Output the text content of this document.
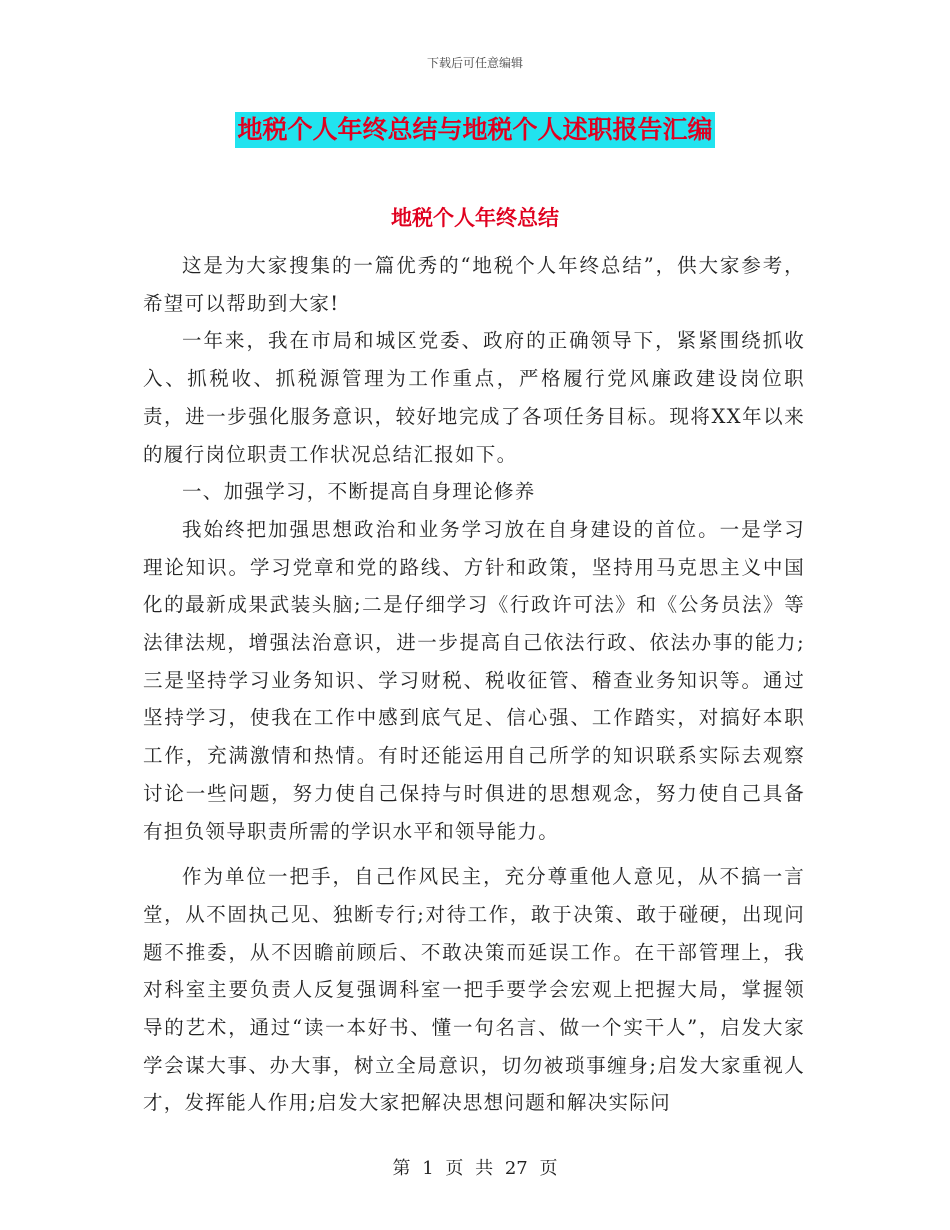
下载后可任意编辑
地税个人年终总结与地税个人述职报告汇编
地税个人年终总结

这是为大家搜集的一篇优秀的“地税个人年终总结”，供大家参考，希望可以帮助到大家!

一年来，我在市局和城区党委、政府的正确领导下，紧紧围绕抓收入、抓税收、抓税源管理为工作重点，严格履行党风廉政建设岗位职责，进一步强化服务意识，较好地完成了各项任务目标。现将XX年以来的履行岗位职责工作状况总结汇报如下。

一、加强学习，不断提高自身理论修养

我始终把加强思想政治和业务学习放在自身建设的首位。一是学习理论知识。学习党章和党的路线、方针和政策，坚持用马克思主义中国化的最新成果武装头脑;二是仔细学习《行政许可法》和《公务员法》等法律法规，增强法治意识，进一步提高自己依法行政、依法办事的能力;三是坚持学习业务知识、学习财税、税收征管、稽查业务知识等。通过坚持学习，使我在工作中感到底气足、信心强、工作踏实，对搞好本职工作，充满激情和热情。有时还能运用自己所学的知识联系实际去观察讨论一些问题，努力使自己保持与时俱进的思想观念，努力使自己具备有担负领导职责所需的学识水平和领导能力。

作为单位一把手，自己作风民主，充分尊重他人意见，从不搞一言堂，从不固执己见、独断专行;对待工作，敢于决策、敢于碰硬，出现问题不推委，从不因瞻前顾后、不敢决策而延误工作。在干部管理上，我对科室主要负责人反复强调科室一把手要学会宏观上把握大局，掌握领导的艺术，通过“读一本好书、懂一句名言、做一个实干人”，启发大家学会谋大事、办大事，树立全局意识，切勿被琐事缠身;启发大家重视人才，发挥能人作用;启发大家把解决思想问题和解决实际问

第 1 页 共 27 页
